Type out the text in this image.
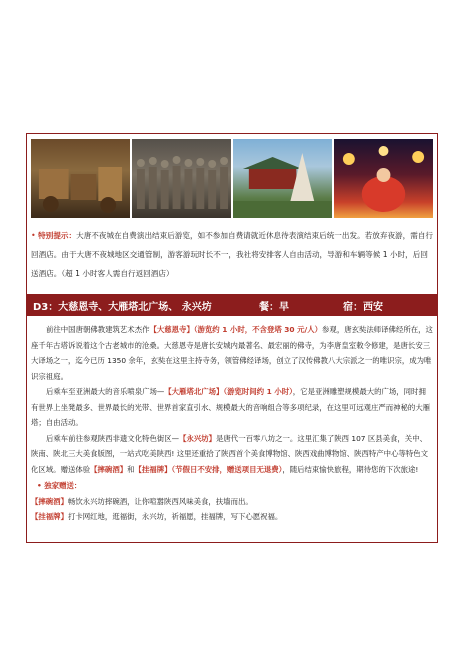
• 特别提示：大唐不夜城在自费演出结束后游览，如不参加自费请就近休息待表演结束后统一出发。若放弃夜游，需自行回酒店。由于大唐不夜城地区交通管制，游客游玩时长不一，我社将安排客人自由活动，导游和车辆等候 1 小时，后回送酒店。（超 1 小时客人需自行返回酒店）
D3：大慈恩寺、大雁塔北广场、 永兴坊	餐：早	宿：西安

前往中国唐朝佛教建筑艺术杰作【大慈恩寺】（游览约 1 小时，不含登塔 30 元/人）参观，唐玄奘法师译佛经所在，这座千年古塔诉说着这个古老城市的沧桑。大慈恩寺是唐长安城内最著名、最宏丽的佛寺，为李唐皇室敕令修建，是唐长安三大译场之一，迄今已历 1350 余年，玄奘在这里主持寺务，领管佛经译场，创立了汉传佛教八大宗派之一的唯识宗，成为唯识宗祖庭。

后乘车至亚洲最大的音乐喷泉广场—【大雁塔北广场】（游览时间约 1 小时），它是亚洲雕塑规模最大的广场，同时拥有世界上坐凳最多、世界最长的光带、世界首家直引水、规模最大的音响组合等多项纪录，在这里可远观庄严而神秘的大雁塔；自由活动。

后乘车前往参观陕西非遗文化特色街区—【永兴坊】是唐代一百零八坊之一。这里汇集了陕西 107 区县美食，关中、陕南、陕北三大美食版图，一站式吃美陕西! 这里还重拾了陕西首个美食博物馆、陕西戏曲博物馆、陕西特产中心等特色文化区域。赠送体验【摔碗酒】和【挂福牌】（节假日不安排，赠送项目无退费），随后结束愉快旅程，期待您的下次旅途!

• 独家赠送：

【摔碗酒】畅饮永兴坊摔碗酒，让你喧嚣陕西风味美食，扶墙而出。

【挂福牌】打卡网红地，逛福街，永兴坊，祈福愿，挂福牌，写下心愿祝福。
